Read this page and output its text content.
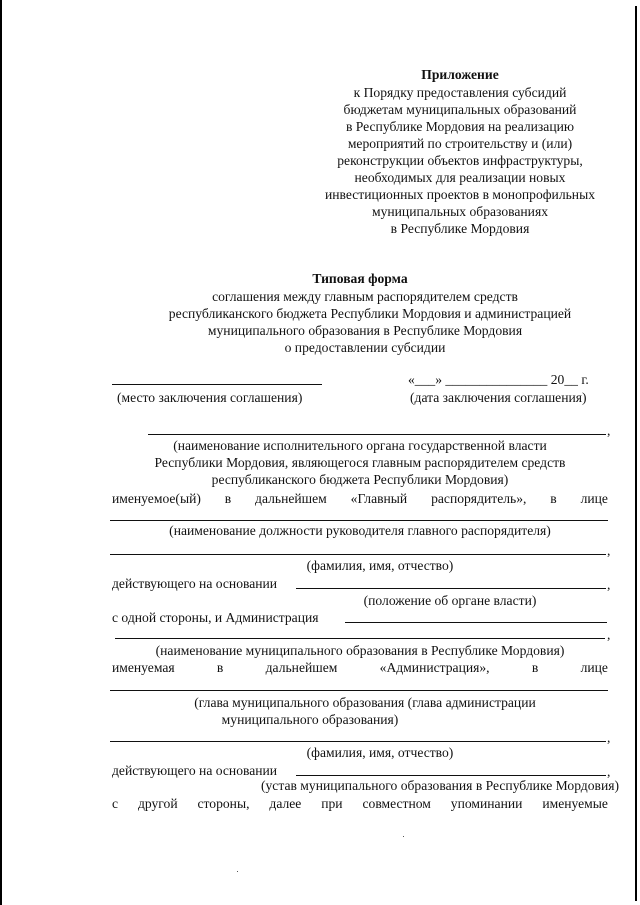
Приложение
к Порядку предоставления субсидий
бюджетам муниципальных образований
в Республике Мордовия на реализацию
мероприятий по строительству и (или)
реконструкции объектов инфраструктуры,
необходимых для реализации новых
инвестиционных проектов в монопрофильных
муниципальных образованиях
в Республике Мордовия
Типовая форма
соглашения между главным распорядителем средств
республиканского бюджета Республики Мордовия и администрацией
муниципального образования в Республике Мордовия
о предоставлении субсидии
«___» _______________ 20__ г.
(место заключения соглашения)	(дата заключения соглашения)
,
(наименование исполнительного органа государственной власти
Республики Мордовия, являющегося главным распорядителем средств
республиканского бюджета Республики Мордовия)
именуемое(ый) в дальнейшем «Главный распорядитель», в лице
(наименование должности руководителя главного распорядителя)
,
(фамилия, имя, отчество)
действующего на основании	,
(положение об органе власти)
с одной стороны, и Администрация
,
(наименование муниципального образования в Республике Мордовия)
именуемая	в	дальнейшем	«Администрация»,	в	лице
(глава муниципального образования (глава администрации
муниципального образования)
,
(фамилия, имя, отчество)
действующего на основании	,
(устав муниципального образования в Республике Мордовия)
с другой стороны, далее при совместном упоминании именуемые
